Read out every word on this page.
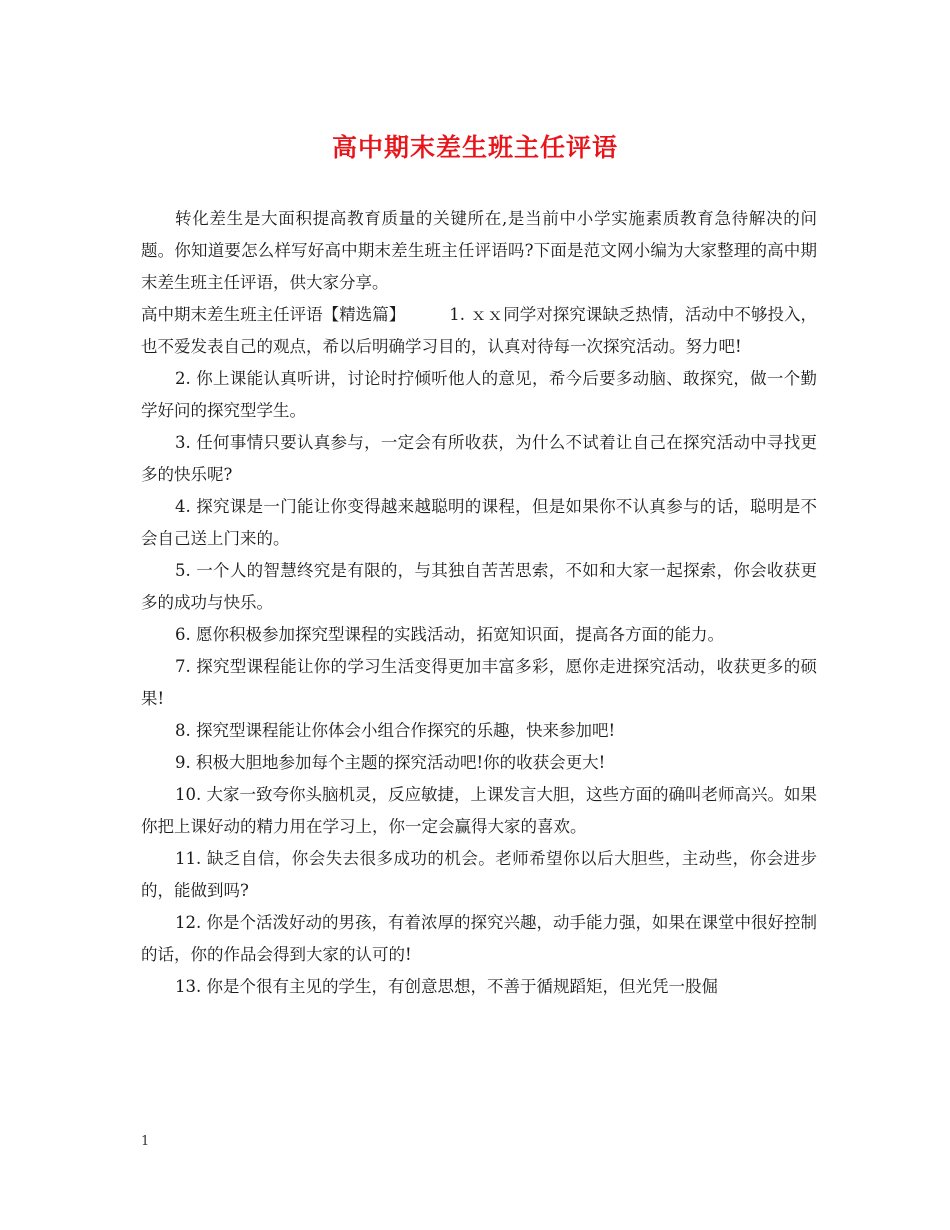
高中期末差生班主任评语

转化差生是大面积提高教育质量的关键所在,是当前中小学实施素质教育急待解决的问题。你知道要怎么样写好高中期末差生班主任评语吗?下面是范文网小编为大家整理的高中期末差生班主任评语，供大家分享。

高中期末差生班主任评语【精选篇】	1. ｘｘ同学对探究课缺乏热情，活动中不够投入，也不爱发表自己的观点，希以后明确学习目的，认真对待每一次探究活动。努力吧!

2. 你上课能认真听讲，讨论时拧倾听他人的意见，希今后要多动脑、敢探究，做一个勤学好问的探究型学生。

3. 任何事情只要认真参与，一定会有所收获，为什么不试着让自己在探究活动中寻找更多的快乐呢?

4. 探究课是一门能让你变得越来越聪明的课程，但是如果你不认真参与的话，聪明是不会自己送上门来的。

5. 一个人的智慧终究是有限的，与其独自苦苦思索，不如和大家一起探索，你会收获更多的成功与快乐。

6. 愿你积极参加探究型课程的实践活动，拓宽知识面，提高各方面的能力。

7. 探究型课程能让你的学习生活变得更加丰富多彩，愿你走进探究活动，收获更多的硕果!

8. 探究型课程能让你体会小组合作探究的乐趣，快来参加吧!

9. 积极大胆地参加每个主题的探究活动吧!你的收获会更大!

10. 大家一致夸你头脑机灵，反应敏捷，上课发言大胆，这些方面的确叫老师高兴。如果你把上课好动的精力用在学习上，你一定会赢得大家的喜欢。

11. 缺乏自信，你会失去很多成功的机会。老师希望你以后大胆些，主动些，你会进步的，能做到吗?

12. 你是个活泼好动的男孩，有着浓厚的探究兴趣，动手能力强，如果在课堂中很好控制的话，你的作品会得到大家的认可的!

13. 你是个很有主见的学生，有创意思想，不善于循规蹈矩，但光凭一股倔

1
